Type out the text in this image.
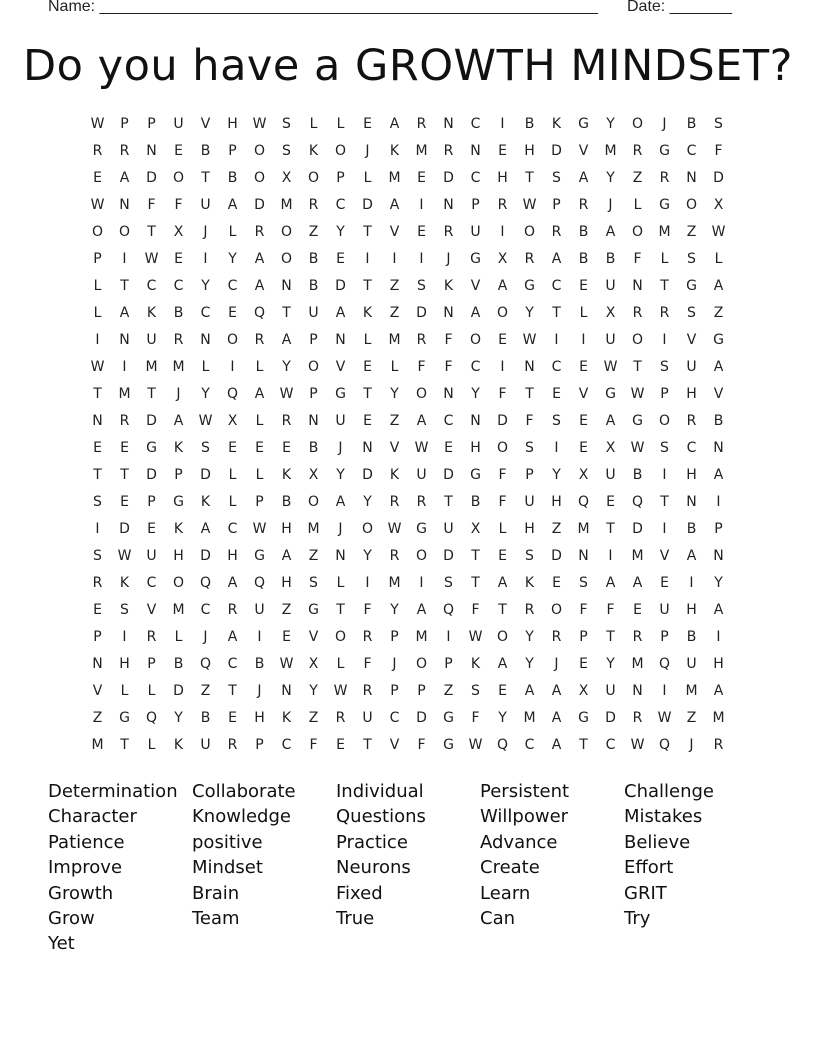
Name: ________________________________________________________ Date: _______
Do you have a GROWTH MINDSET?
W	P	P	U	V	H	W	S	L	L	E	A	R	N	C	I	B	K	G	Y	O	J	B	S
R	R	N	E	B	P	O	S	K	O	J	K	M	R	N	E	H	D	V	M	R	G	C	F
E	A	D	O	T	B	O	X	O	P	L	M	E	D	C	H	T	S	A	Y	Z	R	N	D
W	N	F	F	U	A	D	M	R	C	D	A	I	N	P	R	W	P	R	J	L	G	O	X
O	O	T	X	J	L	R	O	Z	Y	T	V	E	R	U	I	O	R	B	A	O	M	Z	W
P	I	W	E	I	Y	A	O	B	E	I	I	I	J	G	X	R	A	B	B	F	L	S	L
L	T	C	C	Y	C	A	N	B	D	T	Z	S	K	V	A	G	C	E	U	N	T	G	A
L	A	K	B	C	E	Q	T	U	A	K	Z	D	N	A	O	Y	T	L	X	R	R	S	Z
I	N	U	R	N	O	R	A	P	N	L	M	R	F	O	E	W	I	I	U	O	I	V	G
W	I	M	M	L	I	L	Y	O	V	E	L	F	F	C	I	N	C	E	W	T	S	U	A
T	M	T	J	Y	Q	A	W	P	G	T	Y	O	N	Y	F	T	E	V	G	W	P	H	V
N	R	D	A	W	X	L	R	N	U	E	Z	A	C	N	D	F	S	E	A	G	O	R	B
E	E	G	K	S	E	E	E	B	J	N	V	W	E	H	O	S	I	E	X	W	S	C	N
T	T	D	P	D	L	L	K	X	Y	D	K	U	D	G	F	P	Y	X	U	B	I	H	A
S	E	P	G	K	L	P	B	O	A	Y	R	R	T	B	F	U	H	Q	E	Q	T	N	I
I	D	E	K	A	C	W	H	M	J	O	W	G	U	X	L	H	Z	M	T	D	I	B	P
S	W	U	H	D	H	G	A	Z	N	Y	R	O	D	T	E	S	D	N	I	M	V	A	N
R	K	C	O	Q	A	Q	H	S	L	I	M	I	S	T	A	K	E	S	A	A	E	I	Y
E	S	V	M	C	R	U	Z	G	T	F	Y	A	Q	F	T	R	O	F	F	E	U	H	A
P	I	R	L	J	A	I	E	V	O	R	P	M	I	W	O	Y	R	P	T	R	P	B	I
N	H	P	B	Q	C	B	W	X	L	F	J	O	P	K	A	Y	J	E	Y	M	Q	U	H
V	L	L	D	Z	T	J	N	Y	W	R	P	P	Z	S	E	A	A	X	U	N	I	M	A
Z	G	Q	Y	B	E	H	K	Z	R	U	C	D	G	F	Y	M	A	G	D	R	W	Z	M
M	T	L	K	U	R	P	C	F	E	T	V	F	G	W	Q	C	A	T	C	W	Q	J	R
Determination Collaborate	Individual	Persistent	Challenge
Character	Knowledge	Questions	Willpower	Mistakes
Patience	positive	Practice	Advance	Believe
Improve	Mindset	Neurons	Create	Effort
Growth	Brain	Fixed	Learn	GRIT
Grow	Team	True	Can	Try
Yet
